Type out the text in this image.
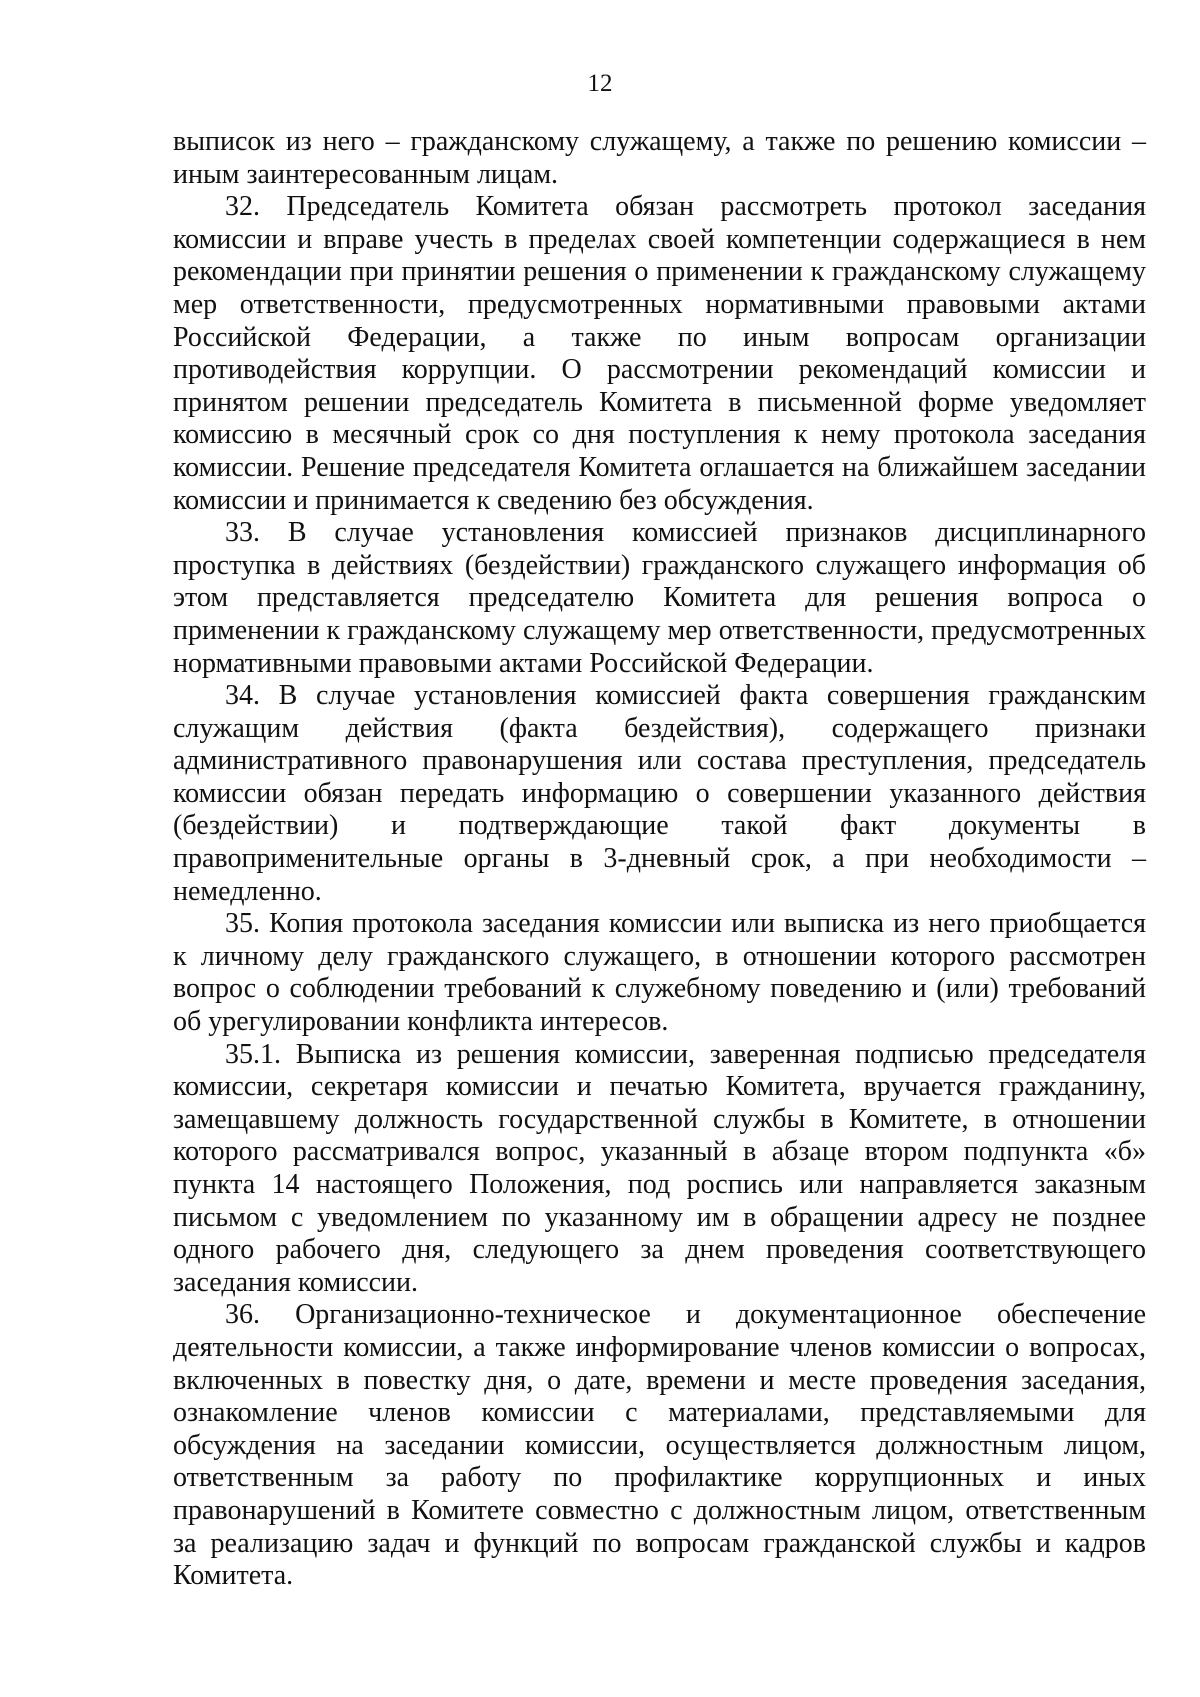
12

выписок из него – гражданскому служащему, а также по решению комиссии – иным заинтересованным лицам.

32. Председатель Комитета обязан рассмотреть протокол заседания комиссии и вправе учесть в пределах своей компетенции содержащиеся в нем рекомендации при принятии решения о применении к гражданскому служащему мер ответственности, предусмотренных нормативными правовыми актами Российской Федерации, а также по иным вопросам организации противодействия коррупции. О рассмотрении рекомендаций комиссии и принятом решении председатель Комитета в письменной форме уведомляет комиссию в месячный срок со дня поступления к нему протокола заседания комиссии. Решение председателя Комитета оглашается на ближайшем заседании комиссии и принимается к сведению без обсуждения.

33. В случае установления комиссией признаков дисциплинарного проступка в действиях (бездействии) гражданского служащего информация об этом представляется председателю Комитета для решения вопроса о применении к гражданскому служащему мер ответственности, предусмотренных нормативными правовыми актами Российской Федерации.

34. В случае установления комиссией факта совершения гражданским служащим действия (факта бездействия), содержащего признаки административного правонарушения или состава преступления, председатель комиссии обязан передать информацию о совершении указанного действия (бездействии) и подтверждающие такой факт документы в правоприменительные органы в 3-дневный срок, а при необходимости – немедленно.

35. Копия протокола заседания комиссии или выписка из него приобщается к личному делу гражданского служащего, в отношении которого рассмотрен вопрос о соблюдении требований к служебному поведению и (или) требований об урегулировании конфликта интересов.

35.1. Выписка из решения комиссии, заверенная подписью председателя комиссии, секретаря комиссии и печатью Комитета, вручается гражданину, замещавшему должность государственной службы в Комитете, в отношении которого рассматривался вопрос, указанный в абзаце втором подпункта «б» пункта 14 настоящего Положения, под роспись или направляется заказным письмом с уведомлением по указанному им в обращении адресу не позднее одного рабочего дня, следующего за днем проведения соответствующего заседания комиссии.

36. Организационно-техническое и документационное обеспечение деятельности комиссии, а также информирование членов комиссии о вопросах, включенных в повестку дня, о дате, времени и месте проведения заседания, ознакомление членов комиссии с материалами, представляемыми для обсуждения на заседании комиссии, осуществляется должностным лицом, ответственным за работу по профилактике коррупционных и иных правонарушений в Комитете совместно с должностным лицом, ответственным за реализацию задач и функций по вопросам гражданской службы и кадров Комитета.
